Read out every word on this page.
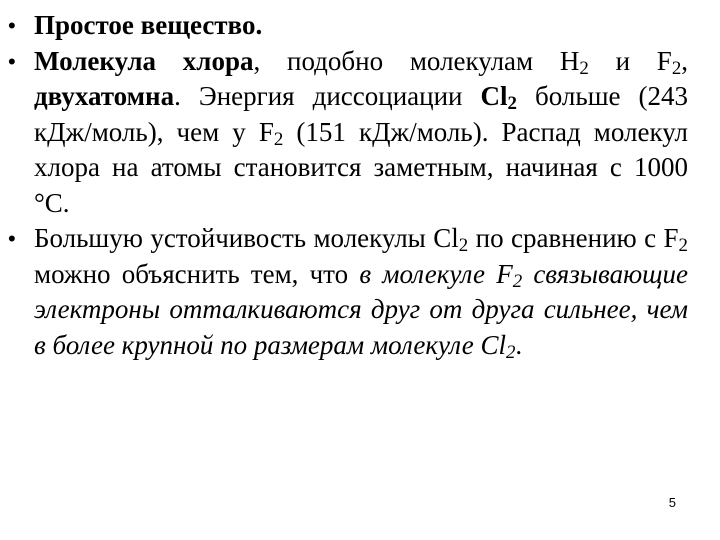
• Простое вещество.
• Молекула хлора, подобно молекулам $H_2$ и $F_2$, двухатомна. Энергия диссоциации $Cl_2$ больше (243 кДж/моль), чем у $F_2$ (151 кДж/моль). Распад молекул хлора на атомы становится заметным, начиная с 1000 °С.
• Большую устойчивость молекулы $Cl_2$ по сравнению с $F_2$ можно объяснить тем, что в молекуле $F_2$ связывающие электроны отталкиваются друг от друга сильнее, чем в более крупной по размерам молекуле $Cl_2$.
5
